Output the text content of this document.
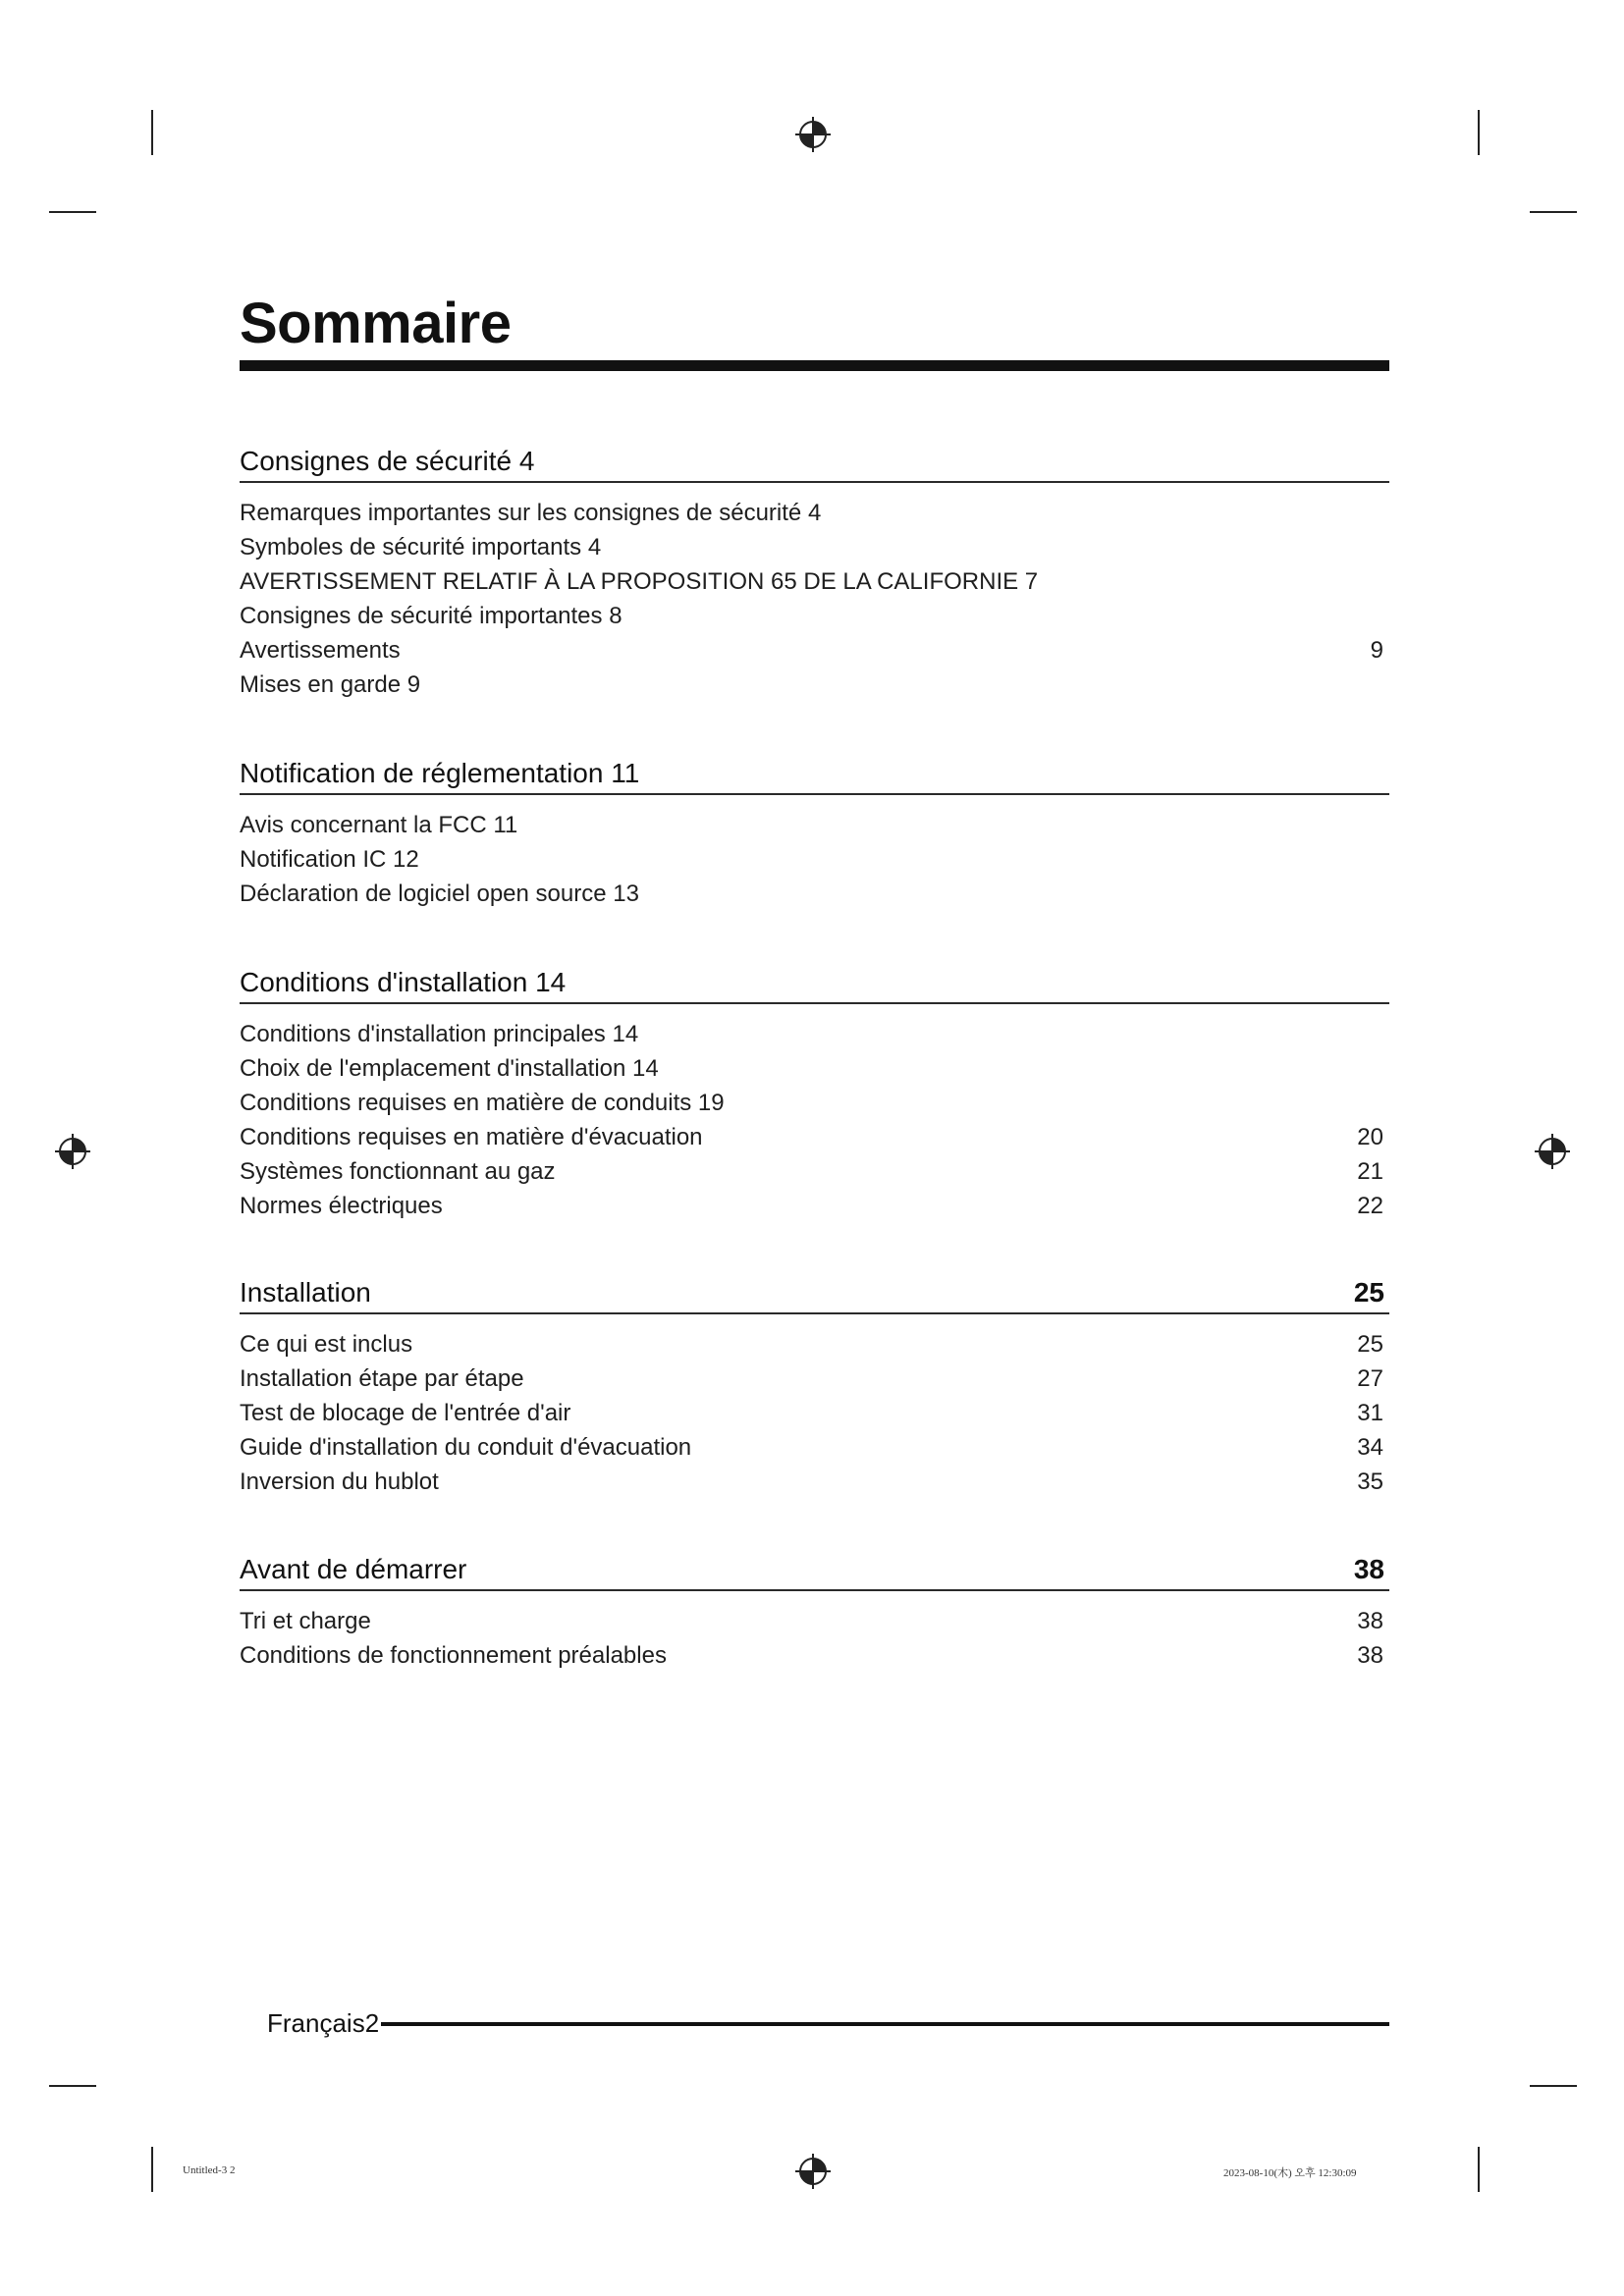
Sommaire
Consignes de sécurité 4
Remarques importantes sur les consignes de sécurité 4
Symboles de sécurité importants 4
AVERTISSEMENT RELATIF À LA PROPOSITION 65 DE LA CALIFORNIE 7
Consignes de sécurité importantes 8
Avertissements	9
Mises en garde 9
Notification de réglementation 11
Avis concernant la FCC 11
Notification IC 12
Déclaration de logiciel open source 13
Conditions d'installation 14
Conditions d'installation principales 14
Choix de l'emplacement d'installation 14
Conditions requises en matière de conduits 19
Conditions requises en matière d'évacuation	20
Systèmes fonctionnant au gaz	21
Normes électriques	22
Installation	25
Ce qui est inclus	25
Installation étape par étape	27
Test de blocage de l'entrée d'air	31
Guide d'installation du conduit d'évacuation	34
Inversion du hublot	35
Avant de démarrer	38
Tri et charge	38
Conditions de fonctionnement préalables	38
Français2
Untitled-3 2	2023-08-10(木) 오후 12:30:09
